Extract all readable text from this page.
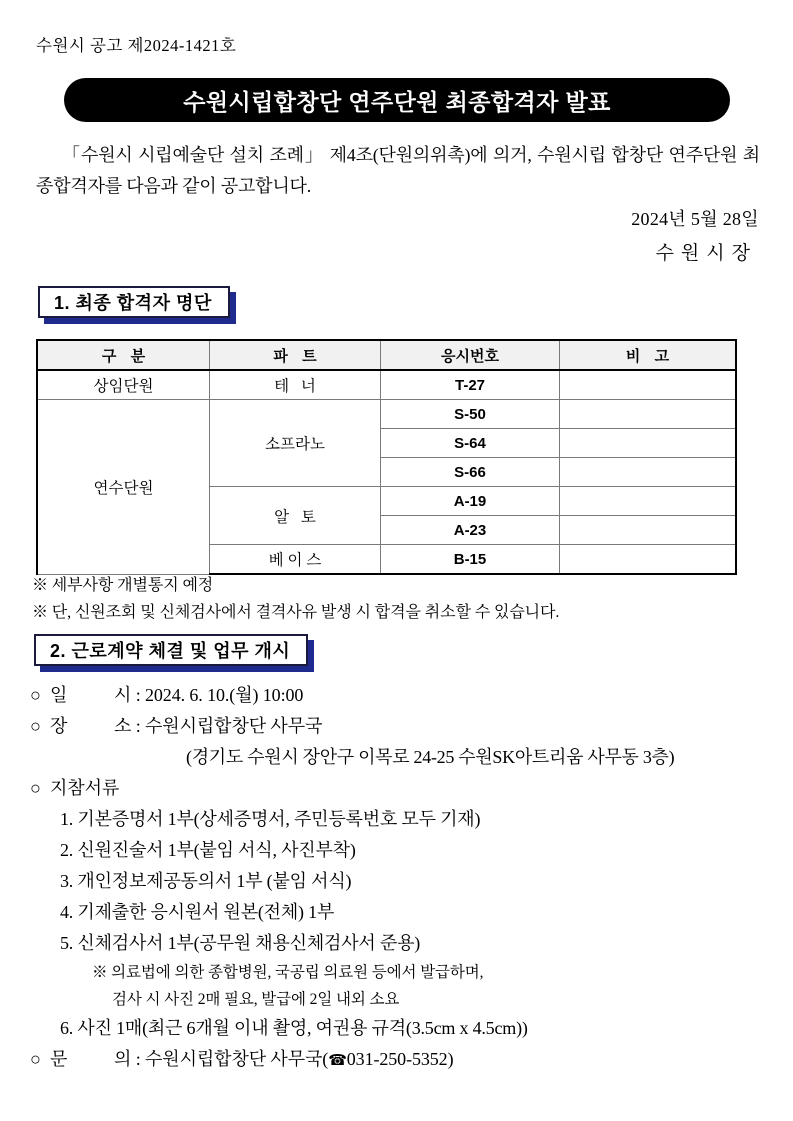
수원시 공고 제2024-1421호
수원시립합창단 연주단원 최종합격자 발표
「수원시 시립예술단 설치 조례」 제4조(단원의위촉)에 의거, 수원시립 합창단 연주단원 최종합격자를 다음과 같이 공고합니다.
2024년 5월 28일
수원시장
1. 최종 합격자 명단
구 분	파 트	응시번호	비 고
상임단원	테 너	T-27	
연수단원	소프라노	S-50	
		S-64	
		S-66	
	알 토	A-19	
		A-23	
	베 이 스	B-15	
※ 세부사항 개별통지 예정
※ 단, 신원조회 및 신체검사에서 결격사유 발생 시 합격을 취소할 수 있습니다.
2. 근로계약 체결 및 업무 개시
○ 일	시 : 2024. 6. 10.(월) 10:00
○ 장	소 : 수원시립합창단 사무국
(경기도 수원시 장안구 이목로 24-25 수원SK아트리움 사무동 3층)
○ 지참서류
1. 기본증명서 1부(상세증명서, 주민등록번호 모두 기재)
2. 신원진술서 1부(붙임 서식, 사진부착)
3. 개인정보제공동의서 1부 (붙임 서식)
4. 기제출한 응시원서 원본(전체) 1부
5. 신체검사서 1부(공무원 채용신체검사서 준용)
※ 의료법에 의한 종합병원, 국공립 의료원 등에서 발급하며,
검사 시 사진 2매 필요, 발급에 2일 내외 소요
6. 사진 1매(최근 6개월 이내 촬영, 여권용 규격(3.5cm x 4.5cm))
○ 문	의 : 수원시립합창단 사무국(☎031-250-5352)
